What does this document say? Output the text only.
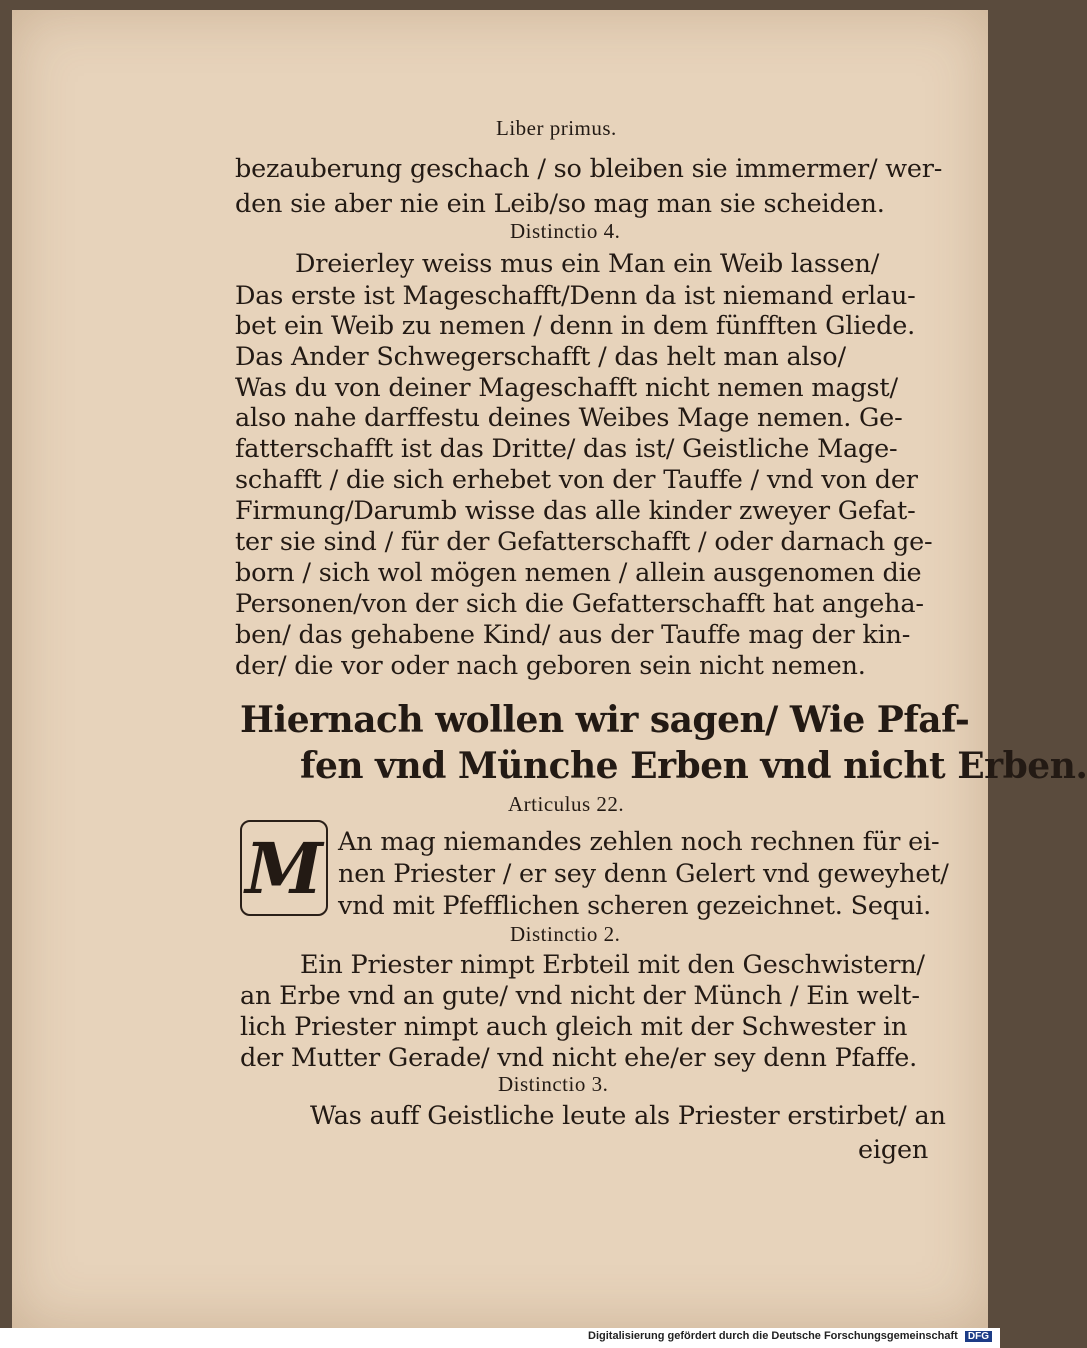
Liber primus.

bezauberung geschach / so bleiben sie immermer/ wer-

den sie aber nie ein Leib/so mag man sie scheiden.

Distinctio 4.

Dreierley weiss mus ein Man ein Weib lassen/

Das erste ist Mageschafft/Denn da ist niemand erlau-

bet ein Weib zu nemen / denn in dem fünfften Gliede.

Das Ander Schwegerschafft / das helt man also/

Was du von deiner Mageschafft nicht nemen magst/

also nahe darffestu deines Weibes Mage nemen. Ge-

fatterschafft ist das Dritte/ das ist/ Geistliche Mage-

schafft / die sich erhebet von der Tauffe / vnd von der

Firmung/Darumb wisse das alle kinder zweyer Gefat-

ter sie sind / für der Gefatterschafft / oder darnach ge-

born / sich wol mögen nemen / allein ausgenomen die

Personen/von der sich die Gefatterschafft hat angeha-

ben/ das gehabene Kind/ aus der Tauffe mag der kin-

der/ die vor oder nach geboren sein nicht nemen.

Hiernach wollen wir sagen/ Wie Pfaf-

fen vnd Münche Erben vnd nicht Erben.

Articulus 22.

M An mag niemandes zehlen noch rechnen für ei-

nen Priester / er sey denn Gelert vnd geweyhet/

vnd mit Pfefflichen scheren gezeichnet. Sequi.

Distinctio 2.

Ein Priester nimpt Erbteil mit den Geschwistern/

an Erbe vnd an gute/ vnd nicht der Münch / Ein welt-

lich Priester nimpt auch gleich mit der Schwester in

der Mutter Gerade/ vnd nicht ehe/er sey denn Pfaffe.

Distinctio 3.

Was auff Geistliche leute als Priester erstirbet/ an

eigen

Digitalisierung gefördert durch die Deutsche Forschungsgemeinschaft DFG
